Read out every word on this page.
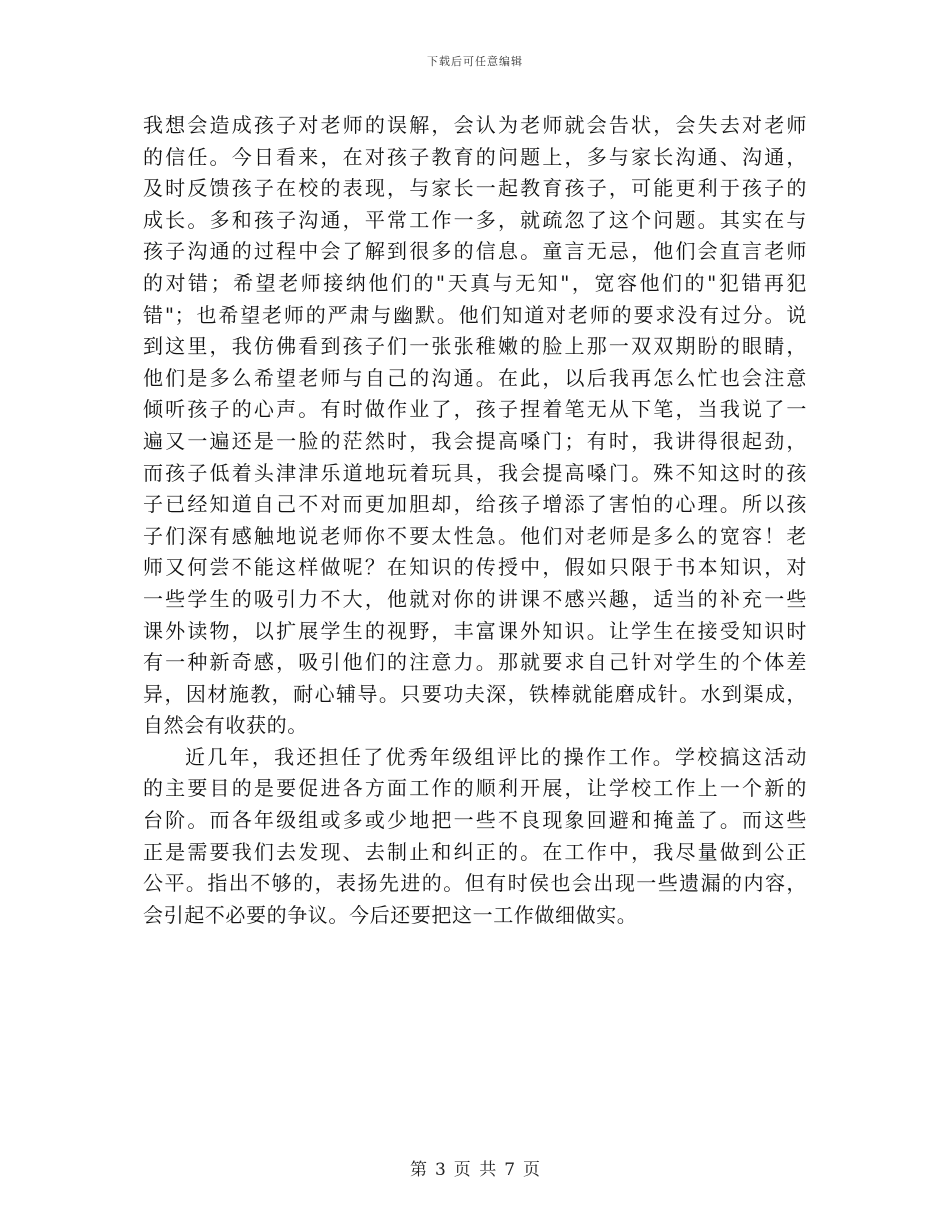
下载后可任意编辑
我想会造成孩子对老师的误解，会认为老师就会告状，会失去对老师
的信任。今日看来，在对孩子教育的问题上，多与家长沟通、沟通，
及时反馈孩子在校的表现，与家长一起教育孩子，可能更利于孩子的
成长。多和孩子沟通，平常工作一多，就疏忽了这个问题。其实在与
孩子沟通的过程中会了解到很多的信息。童言无忌，他们会直言老师
的对错；希望老师接纳他们的"天真与无知"，宽容他们的"犯错再犯
错"；也希望老师的严肃与幽默。他们知道对老师的要求没有过分。说
到这里，我仿佛看到孩子们一张张稚嫩的脸上那一双双期盼的眼睛，
他们是多么希望老师与自己的沟通。在此，以后我再怎么忙也会注意
倾听孩子的心声。有时做作业了，孩子捏着笔无从下笔，当我说了一
遍又一遍还是一脸的茫然时，我会提高嗓门；有时，我讲得很起劲，
而孩子低着头津津乐道地玩着玩具，我会提高嗓门。殊不知这时的孩
子已经知道自己不对而更加胆却，给孩子增添了害怕的心理。所以孩
子们深有感触地说老师你不要太性急。他们对老师是多么的宽容！老
师又何尝不能这样做呢？在知识的传授中，假如只限于书本知识，对
一些学生的吸引力不大，他就对你的讲课不感兴趣，适当的补充一些
课外读物，以扩展学生的视野，丰富课外知识。让学生在接受知识时
有一种新奇感，吸引他们的注意力。那就要求自己针对学生的个体差
异，因材施教，耐心辅导。只要功夫深，铁棒就能磨成针。水到渠成，
自然会有收获的。
近几年，我还担任了优秀年级组评比的操作工作。学校搞这活动
的主要目的是要促进各方面工作的顺利开展，让学校工作上一个新的
台阶。而各年级组或多或少地把一些不良现象回避和掩盖了。而这些
正是需要我们去发现、去制止和纠正的。在工作中，我尽量做到公正
公平。指出不够的，表扬先进的。但有时侯也会出现一些遗漏的内容，
会引起不必要的争议。今后还要把这一工作做细做实。
第 3 页 共 7 页
